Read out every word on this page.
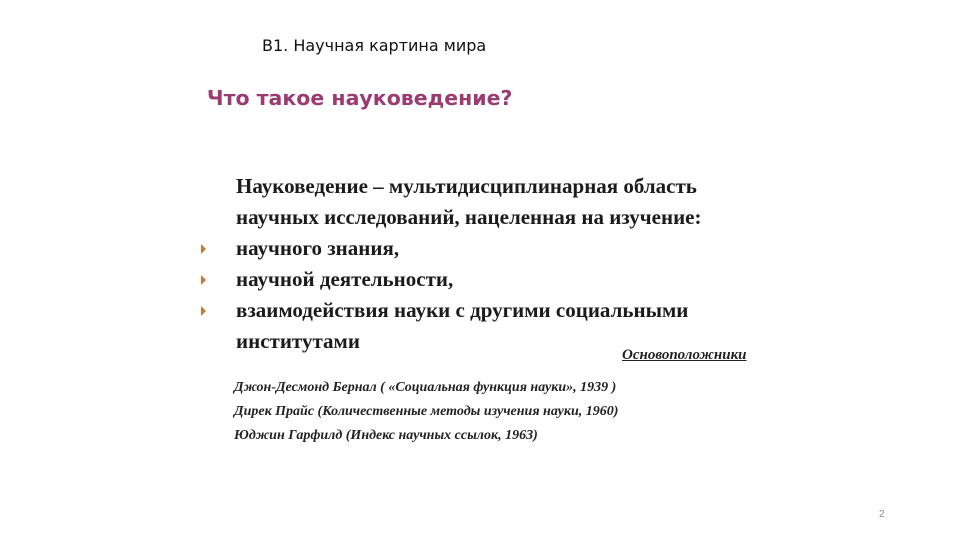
В1. Научная картина мира
Что такое науковедение?
Науковедение – мультидисциплинарная область
научных исследований, нацеленная на изучение:
научного знания,
научной деятельности,
взаимодействия науки с другими социальными
институтами
Основоположники
Джон-Десмонд Бернал ( «Социальная функция науки», 1939 )
Дирек Прайс (Количественные методы изучения науки, 1960)
Юджин Гарфилд (Индекс научных ссылок, 1963)
2
